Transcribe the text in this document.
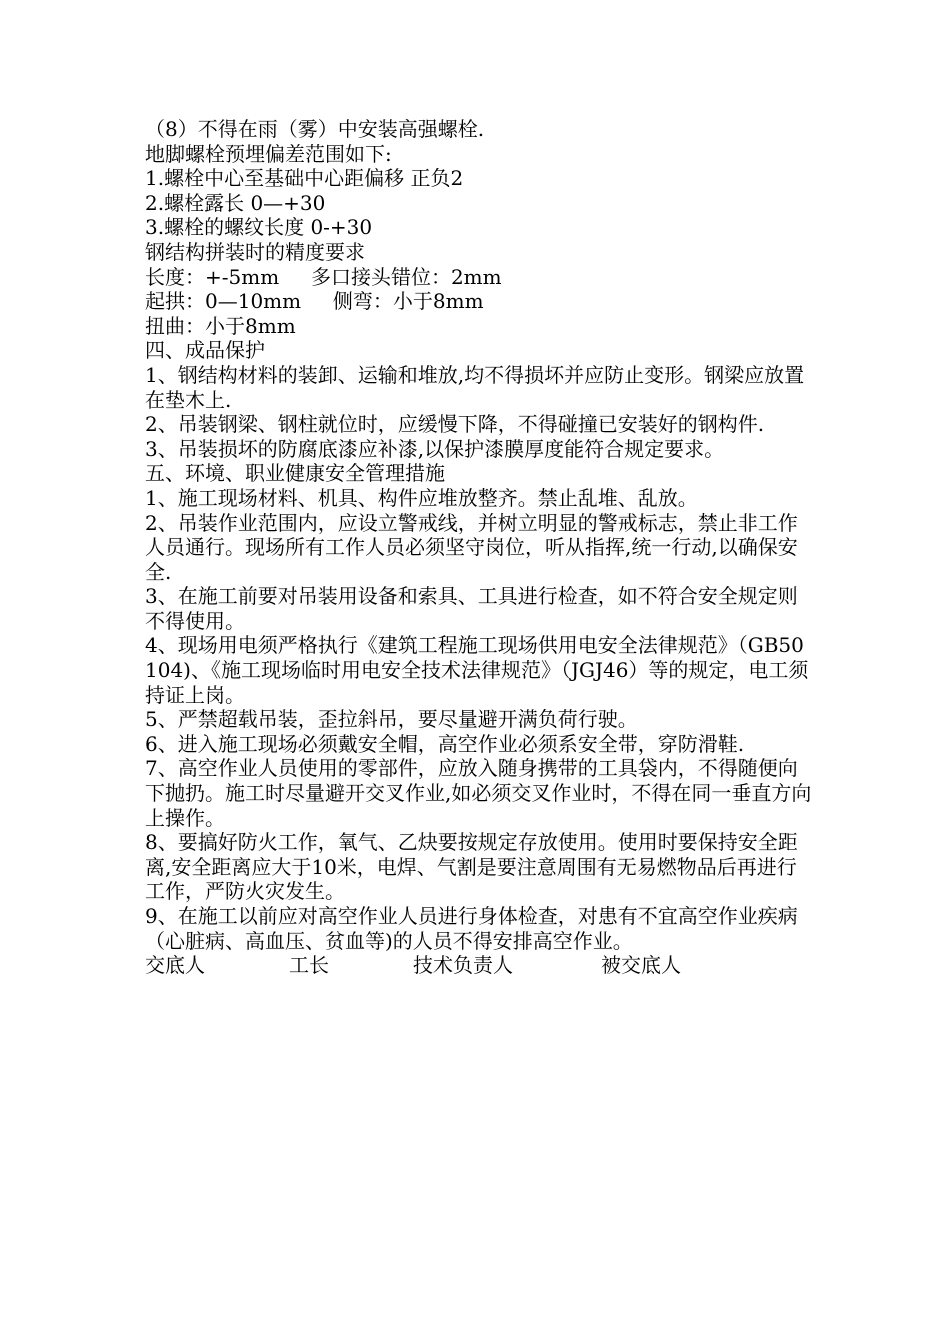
（8）不得在雨（雾）中安装高强螺栓.
地脚螺栓预埋偏差范围如下:
1.螺栓中心至基础中心距偏移 正负2
2.螺栓露长 0—+30
3.螺栓的螺纹长度 0-+30
钢结构拼装时的精度要求
长度：+-5mm     多口接头错位：2mm
起拱：0—10mm     侧弯：小于8mm
扭曲：小于8mm
四、成品保护
1、钢结构材料的装卸、运输和堆放,均不得损坏并应防止变形。钢梁应放置在垫木上.
2、吊装钢梁、钢柱就位时，应缓慢下降，不得碰撞已安装好的钢构件.
3、吊装损坏的防腐底漆应补漆,以保护漆膜厚度能符合规定要求。
五、环境、职业健康安全管理措施
1、施工现场材料、机具、构件应堆放整齐。禁止乱堆、乱放。
2、吊装作业范围内，应设立警戒线，并树立明显的警戒标志，禁止非工作人员通行。现场所有工作人员必须坚守岗位，听从指挥,统一行动,以确保安全.
3、在施工前要对吊装用设备和索具、工具进行检查，如不符合安全规定则不得使用。
4、现场用电须严格执行《建筑工程施工现场供用电安全法律规范》（GB50104)、《施工现场临时用电安全技术法律规范》（JGJ46）等的规定，电工须持证上岗。
5、严禁超载吊装，歪拉斜吊，要尽量避开满负荷行驶。
6、进入施工现场必须戴安全帽，高空作业必须系安全带，穿防滑鞋.
7、高空作业人员使用的零部件，应放入随身携带的工具袋内，不得随便向下抛扔。施工时尽量避开交叉作业,如必须交叉作业时，不得在同一垂直方向上操作。
8、要搞好防火工作，氧气、乙炔要按规定存放使用。使用时要保持安全距离,安全距离应大于10米，电焊、气割是要注意周围有无易燃物品后再进行工作，严防火灾发生。
9、在施工以前应对高空作业人员进行身体检查，对患有不宜高空作业疾病（心脏病、高血压、贫血等)的人员不得安排高空作业。
交底人	工长	技术负责人	被交底人
